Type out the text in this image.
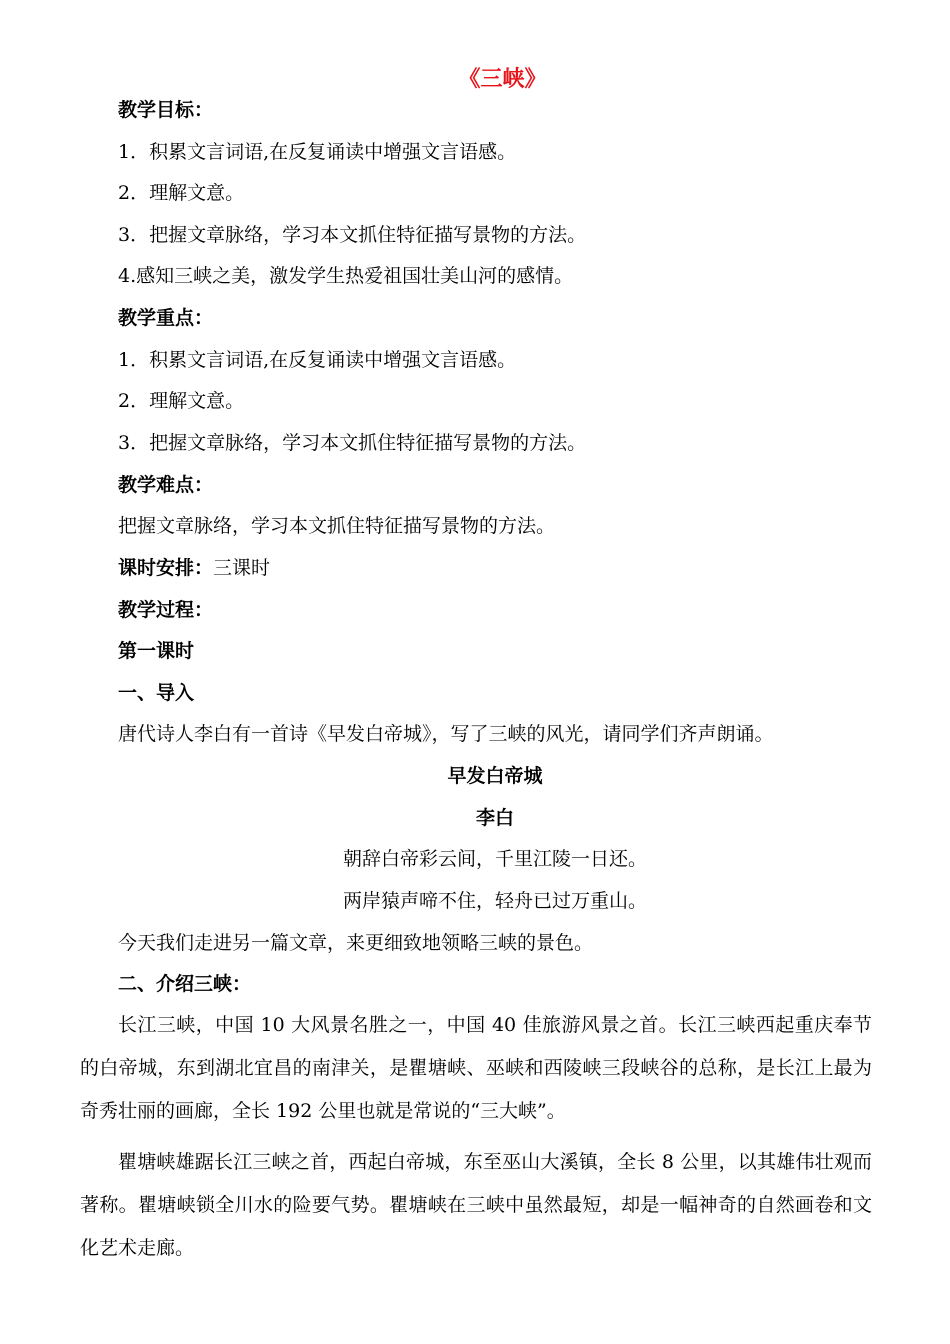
《三峡》
教学目标：
1．积累文言词语,在反复诵读中增强文言语感。
2．理解文意。
3．把握文章脉络，学习本文抓住特征描写景物的方法。
4.感知三峡之美，激发学生热爱祖国壮美山河的感情。
教学重点：
1．积累文言词语,在反复诵读中增强文言语感。
2．理解文意。
3．把握文章脉络，学习本文抓住特征描写景物的方法。
教学难点：
把握文章脉络，学习本文抓住特征描写景物的方法。
课时安排：三课时
教学过程：
第一课时
一、导入
唐代诗人李白有一首诗《早发白帝城》，写了三峡的风光，请同学们齐声朗诵。
早发白帝城
李白
朝辞白帝彩云间，千里江陵一日还。
两岸猿声啼不住，轻舟已过万重山。
今天我们走进另一篇文章，来更细致地领略三峡的景色。
二、介绍三峡：
长江三峡，中国 10 大风景名胜之一，中国 40 佳旅游风景之首。长江三峡西起重庆奉节的白帝城，东到湖北宜昌的南津关，是瞿塘峡、巫峡和西陵峡三段峡谷的总称，是长江上最为奇秀壮丽的画廊，全长 192 公里也就是常说的“三大峡”。
瞿塘峡雄踞长江三峡之首，西起白帝城，东至巫山大溪镇，全长 8 公里，以其雄伟壮观而著称。瞿塘峡锁全川水的险要气势。瞿塘峡在三峡中虽然最短，却是一幅神奇的自然画卷和文化艺术走廊。
